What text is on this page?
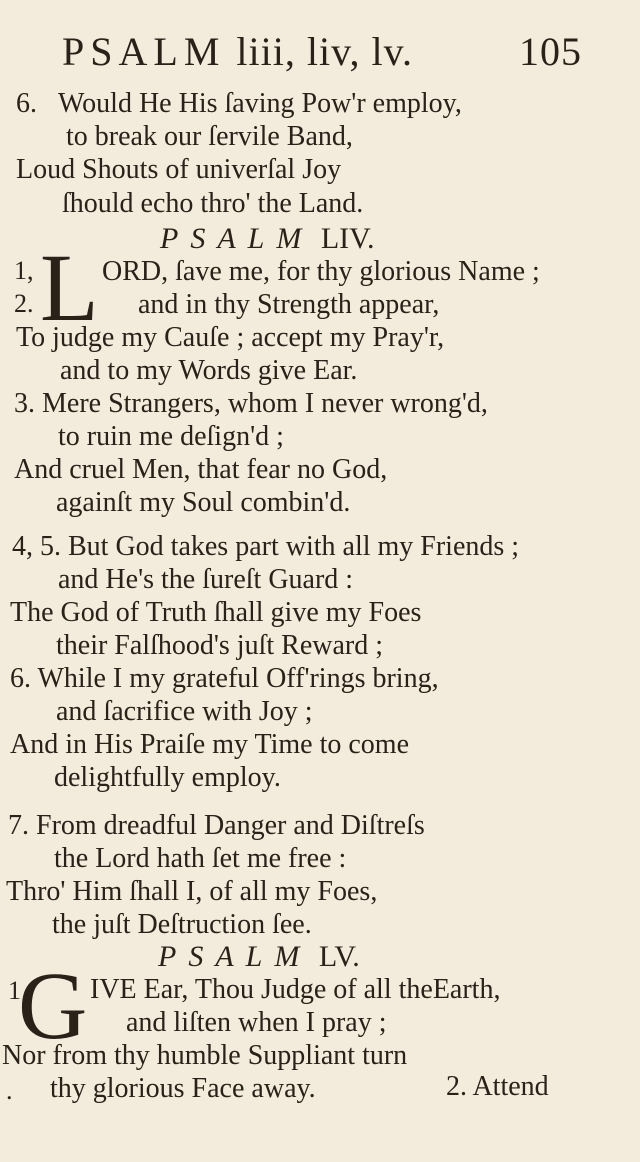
PSALM liii, liv, lv.	105
6. Would He His ſaving Pow'r employ,
to break our ſervile Band,
Loud Shouts of univerſal Joy
ſhould echo thro' the Land.
PSALM LIV.
1,
2. L ORD, ſave me, for thy glorious Name ;
and in thy Strength appear,
To judge my Cauſe ; accept my Pray'r,
and to my Words give Ear.
3. Mere Strangers, whom I never wrong'd,
to ruin me deſign'd ;
And cruel Men, that fear no God,
againſt my Soul combin'd.
4, 5. But God takes part with all my Friends ;
and He's the ſureſt Guard :
The God of Truth ſhall give my Foes
their Falſhood's juſt Reward ;
6. While I my grateful Off'rings bring,
and ſacrifice with Joy ;
And in His Praiſe my Time to come
delightfully employ.
7. From dreadful Danger and Diſtreſs
the Lord hath ſet me free :
Thro' Him ſhall I, of all my Foes,
the juſt Deſtruction ſee.
PSALM LV.
1
G IVE Ear, Thou Judge of all theEarth,
and liſten when I pray ;
Nor from thy humble Suppliant turn
thy glorious Face away.
.	2. Attend
